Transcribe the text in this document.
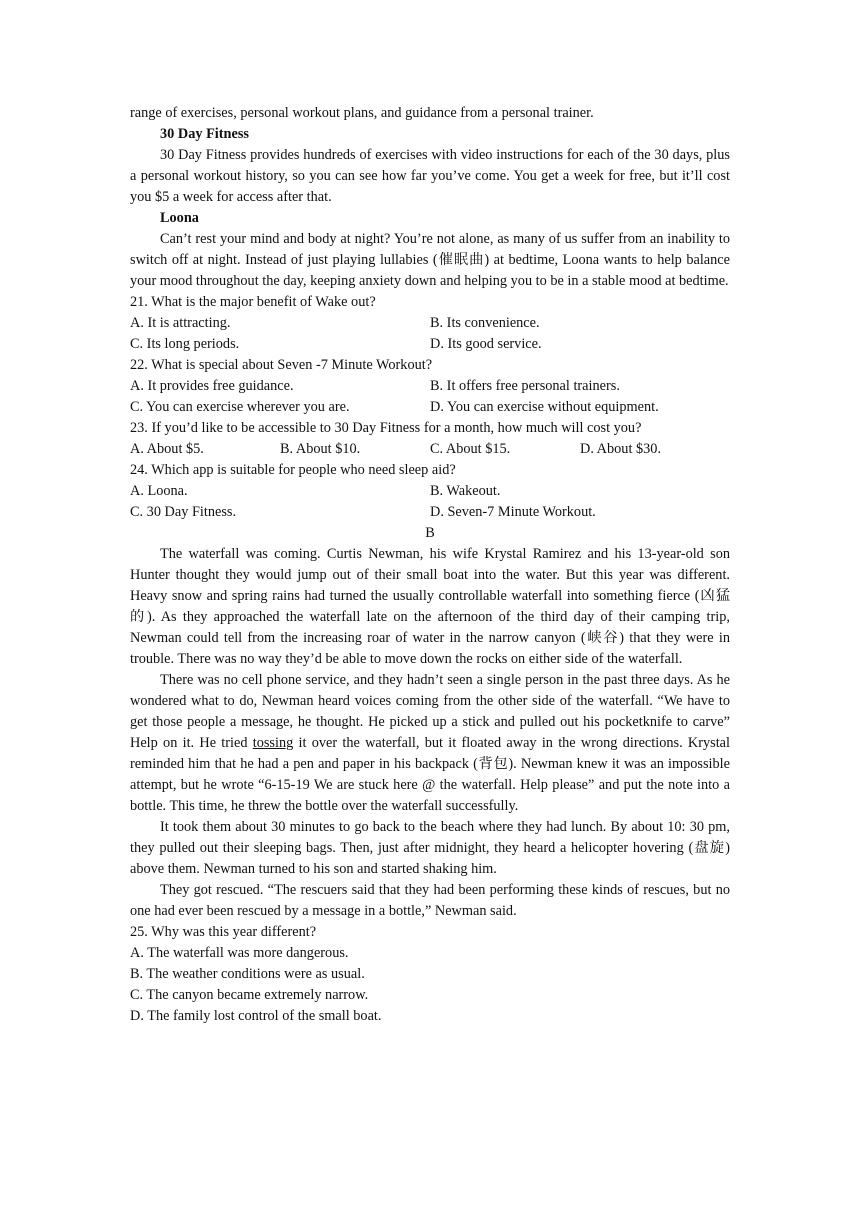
range of exercises, personal workout plans, and guidance from a personal trainer.

30 Day Fitness

30 Day Fitness provides hundreds of exercises with video instructions for each of the 30 days, plus a personal workout history, so you can see how far you’ve come. You get a week for free, but it’ll cost you $5 a week for access after that.

Loona

Can’t rest your mind and body at night? You’re not alone, as many of us suffer from an inability to switch off at night. Instead of just playing lullabies (催眠曲) at bedtime, Loona wants to help balance your mood throughout the day, keeping anxiety down and helping you to be in a stable mood at bedtime.

21. What is the major benefit of Wake out?

A. It is attracting.	B. Its convenience.
C. Its long periods.	D. Its good service.

22. What is special about Seven -7 Minute Workout?

A. It provides free guidance.	B. It offers free personal trainers.
C. You can exercise wherever you are.	D. You can exercise without equipment.

23. If you’d like to be accessible to 30 Day Fitness for a month, how much will cost you?

A. About $5.	B. About $10.	C. About $15.	D. About $30.

24. Which app is suitable for people who need sleep aid?

A. Loona.	B. Wakeout.
C. 30 Day Fitness.	D. Seven-7 Minute Workout.

B

The waterfall was coming. Curtis Newman, his wife Krystal Ramirez and his 13-year-old son Hunter thought they would jump out of their small boat into the water. But this year was different. Heavy snow and spring rains had turned the usually controllable waterfall into something fierce (凶猛的). As they approached the waterfall late on the afternoon of the third day of their camping trip, Newman could tell from the increasing roar of water in the narrow canyon (峡谷) that they were in trouble. There was no way they’d be able to move down the rocks on either side of the waterfall.

There was no cell phone service, and they hadn’t seen a single person in the past three days. As he wondered what to do, Newman heard voices coming from the other side of the waterfall. “We have to get those people a message, he thought. He picked up a stick and pulled out his pocketknife to carve” Help on it. He tried tossing it over the waterfall, but it floated away in the wrong directions. Krystal reminded him that he had a pen and paper in his backpack (背包). Newman knew it was an impossible attempt, but he wrote “6-15-19 We are stuck here @ the waterfall. Help please” and put the note into a bottle. This time, he threw the bottle over the waterfall successfully.

It took them about 30 minutes to go back to the beach where they had lunch. By about 10: 30 pm, they pulled out their sleeping bags. Then, just after midnight, they heard a helicopter hovering (盘旋) above them. Newman turned to his son and started shaking him.

They got rescued. “The rescuers said that they had been performing these kinds of rescues, but no one had ever been rescued by a message in a bottle,” Newman said.

25. Why was this year different?

A. The waterfall was more dangerous.

B. The weather conditions were as usual.

C. The canyon became extremely narrow.

D. The family lost control of the small boat.
